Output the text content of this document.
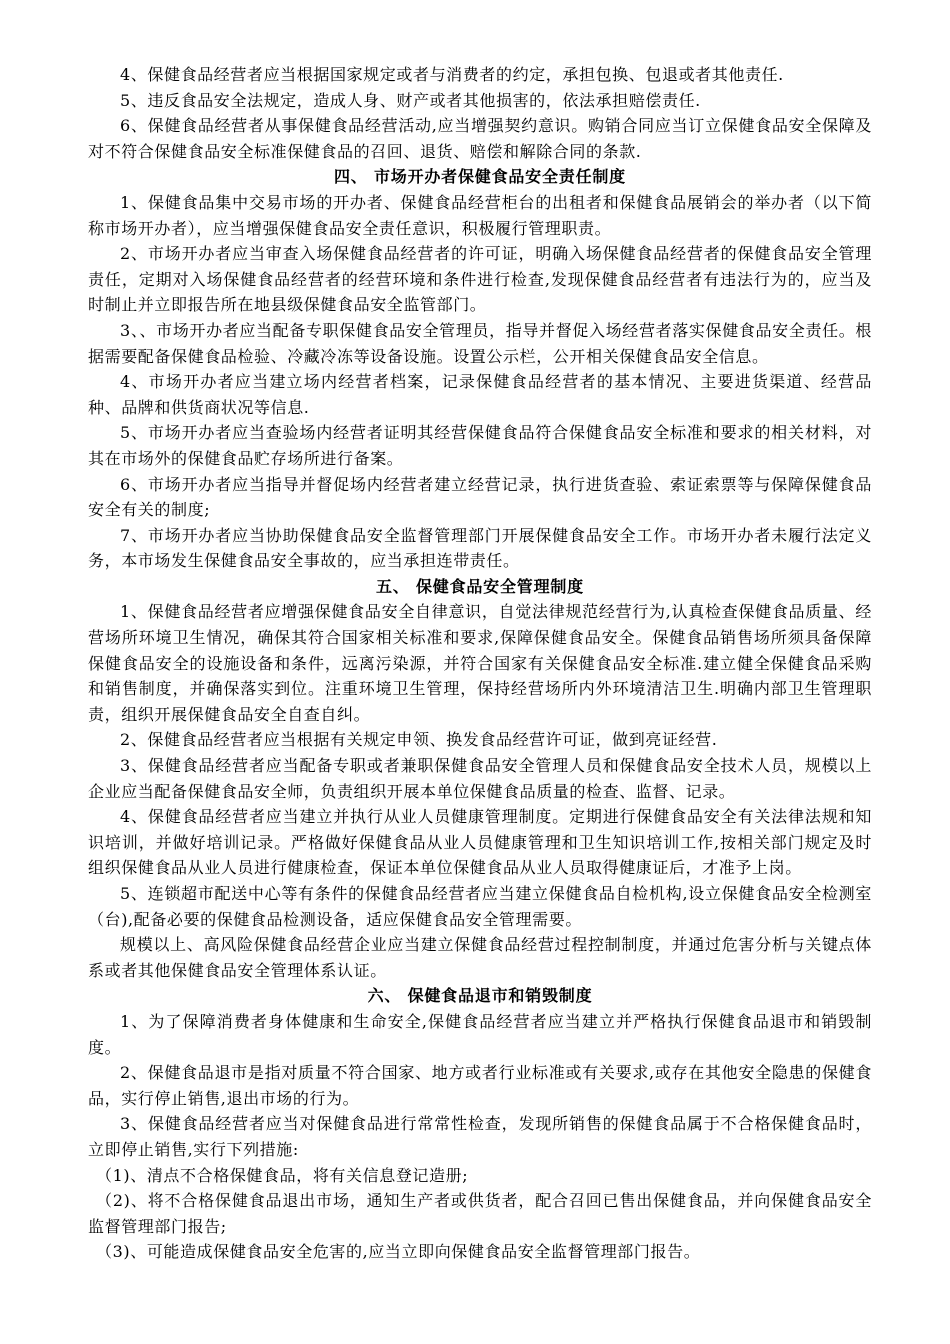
4、保健食品经营者应当根据国家规定或者与消费者的约定，承担包换、包退或者其他责任.

5、违反食品安全法规定，造成人身、财产或者其他损害的，依法承担赔偿责任.

6、保健食品经营者从事保健食品经营活动,应当增强契约意识。购销合同应当订立保健食品安全保障及对不符合保健食品安全标准保健食品的召回、退货、赔偿和解除合同的条款.

四、 市场开办者保健食品安全责任制度

1、保健食品集中交易市场的开办者、保健食品经营柜台的出租者和保健食品展销会的举办者（以下简称市场开办者），应当增强保健食品安全责任意识，积极履行管理职责。

2、市场开办者应当审查入场保健食品经营者的许可证，明确入场保健食品经营者的保健食品安全管理责任，定期对入场保健食品经营者的经营环境和条件进行检查,发现保健食品经营者有违法行为的，应当及时制止并立即报告所在地县级保健食品安全监管部门。

3、、市场开办者应当配备专职保健食品安全管理员，指导并督促入场经营者落实保健食品安全责任。根据需要配备保健食品检验、冷藏冷冻等设备设施。设置公示栏，公开相关保健食品安全信息。

4、市场开办者应当建立场内经营者档案，记录保健食品经营者的基本情况、主要进货渠道、经营品种、品牌和供货商状况等信息.

5、市场开办者应当查验场内经营者证明其经营保健食品符合保健食品安全标准和要求的相关材料，对其在市场外的保健食品贮存场所进行备案。

6、市场开办者应当指导并督促场内经营者建立经营记录，执行进货查验、索证索票等与保障保健食品安全有关的制度;

7、市场开办者应当协助保健食品安全监督管理部门开展保健食品安全工作。市场开办者未履行法定义务，本市场发生保健食品安全事故的，应当承担连带责任。

五、 保健食品安全管理制度

1、保健食品经营者应增强保健食品安全自律意识，自觉法律规范经营行为,认真检查保健食品质量、经营场所环境卫生情况，确保其符合国家相关标准和要求,保障保健食品安全。保健食品销售场所须具备保障保健食品安全的设施设备和条件，远离污染源，并符合国家有关保健食品安全标准.建立健全保健食品采购和销售制度，并确保落实到位。注重环境卫生管理，保持经营场所内外环境清洁卫生.明确内部卫生管理职责，组织开展保健食品安全自查自纠。

2、保健食品经营者应当根据有关规定申领、换发食品经营许可证，做到亮证经营.

3、保健食品经营者应当配备专职或者兼职保健食品安全管理人员和保健食品安全技术人员，规模以上企业应当配备保健食品安全师，负责组织开展本单位保健食品质量的检查、监督、记录。

4、保健食品经营者应当建立并执行从业人员健康管理制度。定期进行保健食品安全有关法律法规和知识培训，并做好培训记录。严格做好保健食品从业人员健康管理和卫生知识培训工作,按相关部门规定及时组织保健食品从业人员进行健康检查，保证本单位保健食品从业人员取得健康证后，才准予上岗。

5、连锁超市配送中心等有条件的保健食品经营者应当建立保健食品自检机构,设立保健食品安全检测室（台),配备必要的保健食品检测设备，适应保健食品安全管理需要。

规模以上、高风险保健食品经营企业应当建立保健食品经营过程控制制度，并通过危害分析与关键点体系或者其他保健食品安全管理体系认证。

六、 保健食品退市和销毁制度

1、为了保障消费者身体健康和生命安全,保健食品经营者应当建立并严格执行保健食品退市和销毁制度。

2、保健食品退市是指对质量不符合国家、地方或者行业标准或有关要求,或存在其他安全隐患的保健食品，实行停止销售,退出市场的行为。

3、保健食品经营者应当对保健食品进行常常性检查，发现所销售的保健食品属于不合格保健食品时，立即停止销售,实行下列措施:

（1)、清点不合格保健食品，将有关信息登记造册;

（2)、将不合格保健食品退出市场，通知生产者或供货者，配合召回已售出保健食品，并向保健食品安全监督管理部门报告;

（3)、可能造成保健食品安全危害的,应当立即向保健食品安全监督管理部门报告。
